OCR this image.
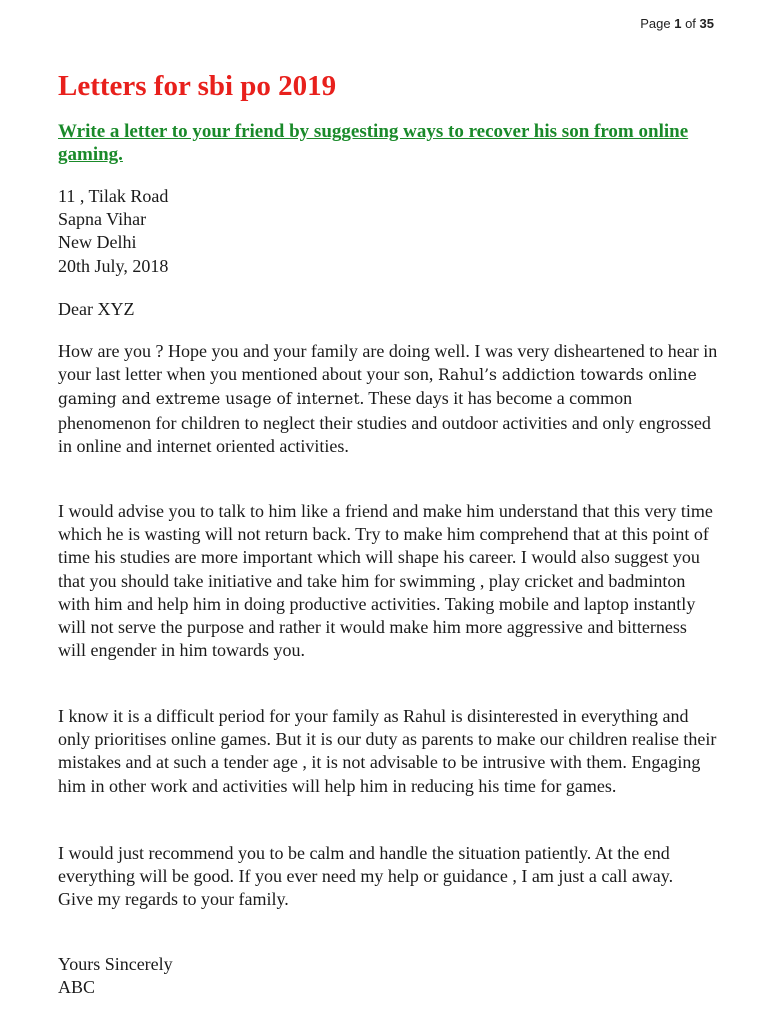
Page 1 of 35
Letters for sbi po 2019

Write a letter to your friend by suggesting ways to recover his son from online gaming.

11 , Tilak Road
Sapna Vihar
New Delhi
20th July, 2018

Dear XYZ

How are you ? Hope you and your family are doing well. I was very disheartened to hear in your last letter when you mentioned about your son, Rahul’s addiction towards online gaming and extreme usage of internet. These days it has become a common phenomenon for children to neglect their studies and outdoor activities and only engrossed in online and internet oriented activities.

I would advise you to talk to him like a friend and make him understand that this very time which he is wasting will not return back. Try to make him comprehend that at this point of time his studies are more important which will shape his career. I would also suggest you that you should take initiative and take him for swimming , play cricket and badminton with him and help him in doing productive activities. Taking mobile and laptop instantly will not serve the purpose and rather it would make him more aggressive and bitterness will engender in him towards you.

I know it is a difficult period for your family as Rahul is disinterested in everything and only prioritises online games. But it is our duty as parents to make our children realise their mistakes and at such a tender age , it is not advisable to be intrusive with them. Engaging him in other work and activities will help him in reducing his time for games.

I would just recommend you to be calm and handle the situation patiently. At the end everything will be good. If you ever need my help or guidance , I am just a call away.
Give my regards to your family.
Yours Sincerely
ABC
